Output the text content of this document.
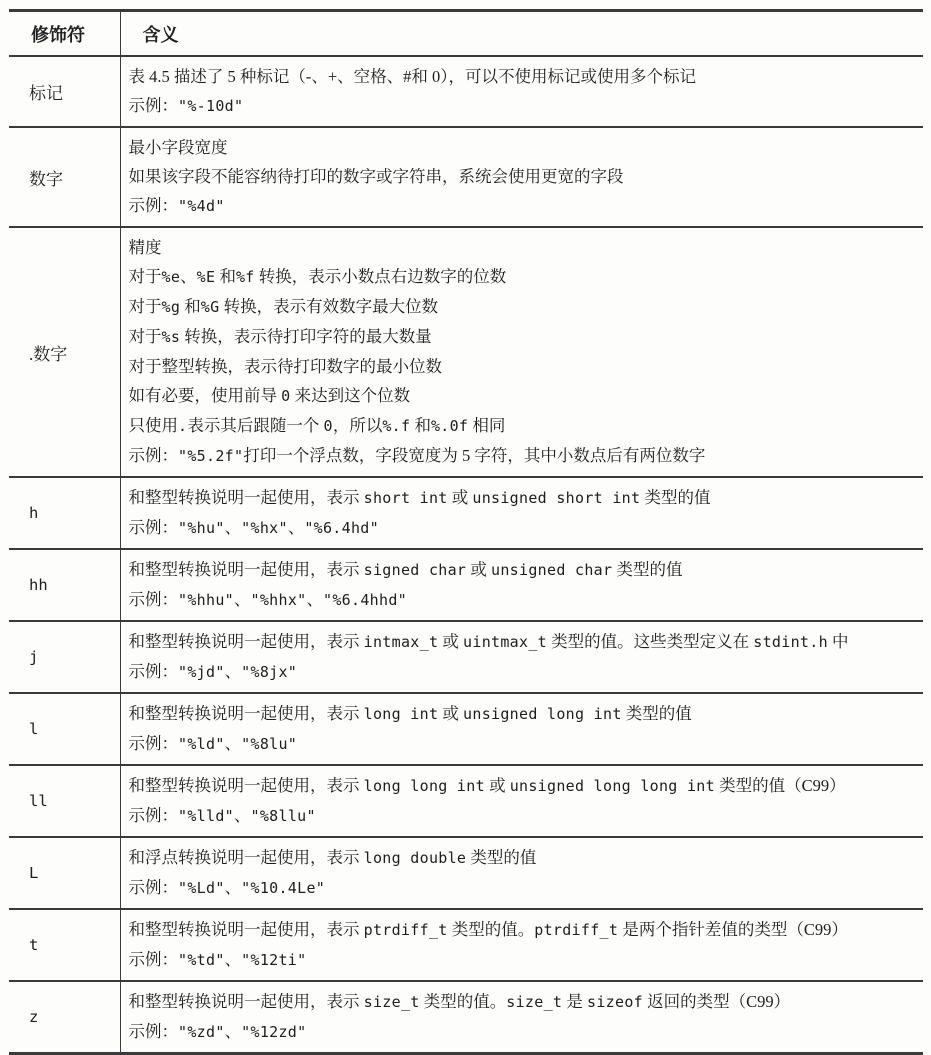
修饰符	含义
标记	表 4.5 描述了 5 种标记（-、+、空格、#和 0），可以不使用标记或使用多个标记
示例："%-10d"

数字	最小字段宽度
如果该字段不能容纳待打印的数字或字符串，系统会使用更宽的字段
示例："%4d"

.数字	
精度
对于%e、%E 和%f 转换，表示小数点右边数字的位数
对于%g 和%G 转换，表示有效数字最大位数
对于%s 转换，表示待打印字符的最大数量
对于整型转换，表示待打印数字的最小位数
如有必要，使用前导 0 来达到这个位数
只使用.表示其后跟随一个 0，所以%.f 和%.0f 相同
示例："%5.2f"打印一个浮点数，字段宽度为 5 字符，其中小数点后有两位数字

h	和整型转换说明一起使用，表示 short int 或 unsigned short int 类型的值
示例："%hu"、"%hx"、"%6.4hd"

hh	和整型转换说明一起使用，表示 signed char 或 unsigned char 类型的值
示例："%hhu"、"%hhx"、"%6.4hhd"

j	和整型转换说明一起使用，表示 intmax_t 或 uintmax_t 类型的值。这些类型定义在 stdint.h 中
示例："%jd"、"%8jx"

l	和整型转换说明一起使用，表示 long int 或 unsigned long int 类型的值
示例："%ld"、"%8lu"

ll	和整型转换说明一起使用，表示 long long int 或 unsigned long long int 类型的值（C99）
示例："%lld"、"%8llu"

L	和浮点转换说明一起使用，表示 long double 类型的值
示例："%Ld"、"%10.4Le"

t	和整型转换说明一起使用，表示 ptrdiff_t 类型的值。ptrdiff_t 是两个指针差值的类型（C99）
示例："%td"、"%12ti"

z	和整型转换说明一起使用，表示 size_t 类型的值。size_t 是 sizeof 返回的类型（C99）
示例："%zd"、"%12zd"
